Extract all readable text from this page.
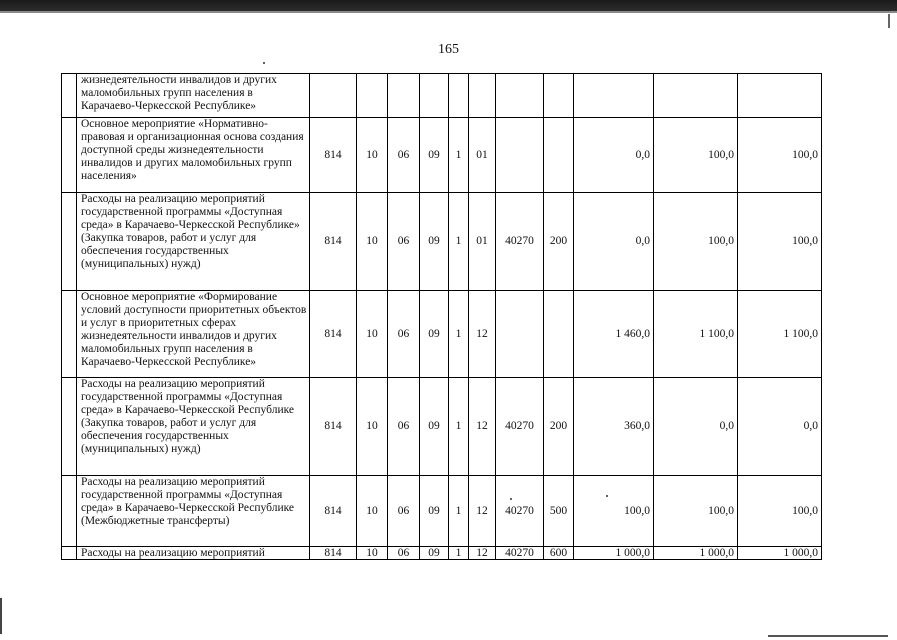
165
	жизнедеятельности инвалидов и других маломобильных групп населения в Карачаево-Черкесской Республике»											
	Основное мероприятие «Нормативно-правовая и организационная основа создания доступной среды жизнедеятельности инвалидов и других маломобильных групп населения»	814	10	06	09	1	01			0,0	100,0	100,0
	Расходы на реализацию мероприятий государственной программы «Доступная среда» в Карачаево-Черкесской Республике» (Закупка товаров, работ и услуг для обеспечения государственных (муниципальных) нужд)	814	10	06	09	1	01	40270	200	0,0	100,0	100,0
	Основное мероприятие «Формирование условий доступности приоритетных объектов и услуг в приоритетных сферах жизнедеятельности инвалидов и других маломобильных групп населения в Карачаево-Черкесской Республике»	814	10	06	09	1	12			1 460,0	1 100,0	1 100,0
	Расходы на реализацию мероприятий государственной программы «Доступная среда» в Карачаево-Черкесской Республике (Закупка товаров, работ и услуг для обеспечения государственных (муниципальных) нужд)	814	10	06	09	1	12	40270	200	360,0	0,0	0,0
	Расходы на реализацию мероприятий государственной программы «Доступная среда» в Карачаево-Черкесской Республике (Межбюджетные трансферты)	814	10	06	09	1	12	40270	500	100,0	100,0	100,0
	Расходы на реализацию мероприятий	814	10	06	09	1	12	40270	600	1 000,0	1 000,0	1 000,0
